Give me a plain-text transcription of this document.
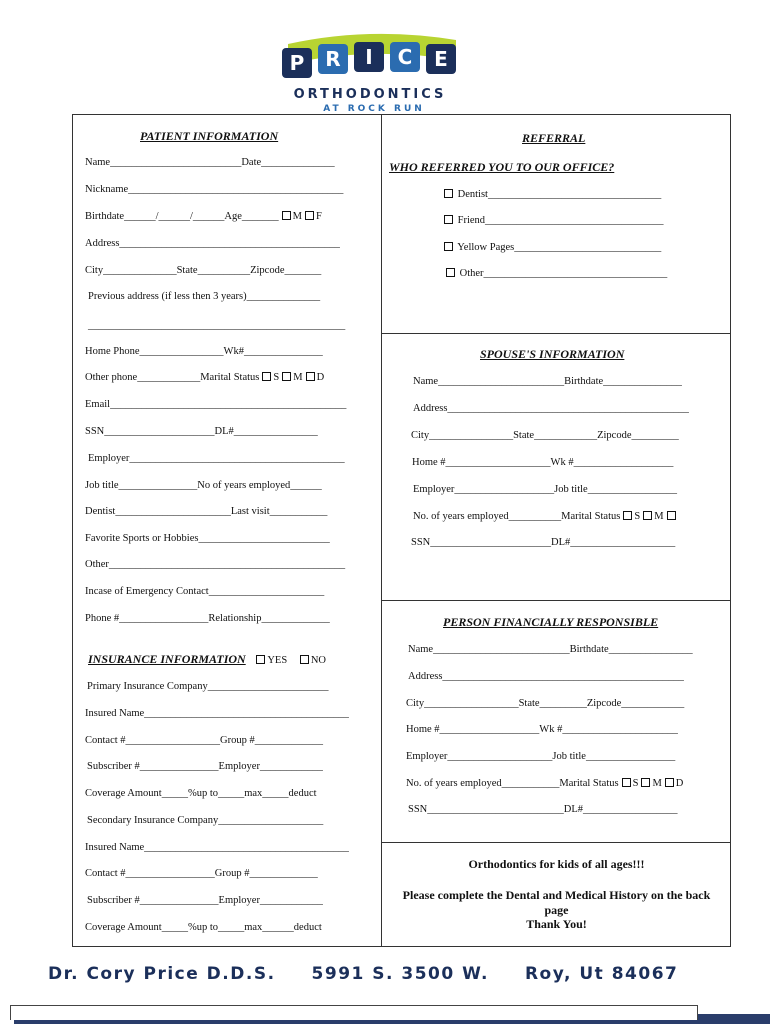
P R I C E
ORTHODONTICS
AT ROCK RUN
PATIENT INFORMATION
Name_________________________Date______________
Nickname_________________________________________
Birthdate______/______/______Age_______ M F
Address__________________________________________
City______________State__________Zipcode_______
Previous address (if less then 3 years)______________
_________________________________________________
Home Phone________________Wk#_______________
Other phone____________Marital Status S M D
Email_____________________________________________
SSN_____________________DL#________________
Employer_________________________________________
Job title_______________No of years employed______
Dentist______________________Last visit___________
Favorite Sports or Hobbies_________________________
Other_____________________________________________
Incase of Emergency Contact______________________
Phone #_________________Relationship_____________
INSURANCE INFORMATION YES NO
Primary Insurance Company_______________________
Insured Name_______________________________________
Contact #__________________Group #_____________
Subscriber #_______________Employer____________
Coverage Amount_____%up to_____max_____deduct
Secondary Insurance Company____________________
Insured Name_______________________________________
Contact #_________________Group #_____________
Subscriber #_______________Employer____________
Coverage Amount_____%up to_____max______deduct
REFERRAL
WHO REFERRED YOU TO OUR OFFICE?
Dentist_________________________________
Friend__________________________________
Yellow Pages____________________________
Other___________________________________
SPOUSE'S INFORMATION
Name________________________Birthdate_______________
Address______________________________________________
City________________State____________Zipcode_________
Home #____________________Wk #___________________
Employer___________________Job title_________________
No. of years employed__________Marital Status S M
SSN_______________________DL#____________________
PERSON FINANCIALLY RESPONSIBLE
Name__________________________Birthdate________________
Address______________________________________________
City__________________State_________Zipcode____________
Home #___________________Wk #______________________
Employer____________________Job title_________________
No. of years employed___________Marital Status S M D
SSN__________________________DL#__________________
Orthodontics for kids of all ages!!!
Please complete the Dental and Medical History on the back page
Thank You!
Dr. Cory Price D.D.S. 5991 S. 3500 W. Roy, Ut 84067
